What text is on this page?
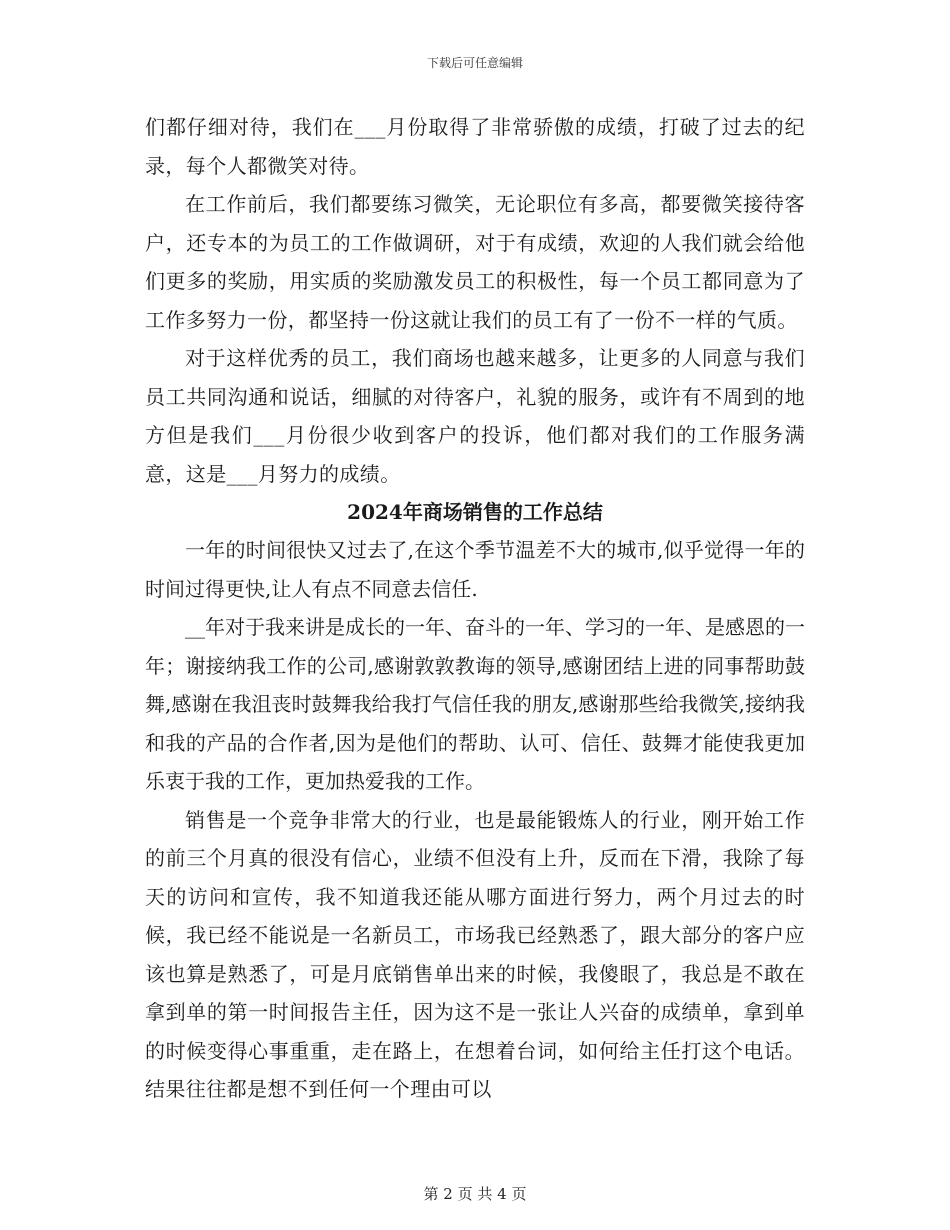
下载后可任意编辑

们都仔细对待，我们在___月份取得了非常骄傲的成绩，打破了过去的纪录，每个人都微笑对待。

在工作前后，我们都要练习微笑，无论职位有多高，都要微笑接待客户，还专本的为员工的工作做调研，对于有成绩，欢迎的人我们就会给他们更多的奖励，用实质的奖励激发员工的积极性，每一个员工都同意为了工作多努力一份，都坚持一份这就让我们的员工有了一份不一样的气质。

对于这样优秀的员工，我们商场也越来越多，让更多的人同意与我们员工共同沟通和说话，细腻的对待客户，礼貌的服务，或许有不周到的地方但是我们___月份很少收到客户的投诉，他们都对我们的工作服务满意，这是___月努力的成绩。

2024年商场销售的工作总结

一年的时间很快又过去了,在这个季节温差不大的城市,似乎觉得一年的时间过得更快,让人有点不同意去信任.

__年对于我来讲是成长的一年、奋斗的一年、学习的一年、是感恩的一年；谢接纳我工作的公司,感谢敦敦教诲的领导,感谢团结上进的同事帮助鼓舞,感谢在我沮丧时鼓舞我给我打气信任我的朋友,感谢那些给我微笑,接纳我和我的产品的合作者,因为是他们的帮助、认可、信任、鼓舞才能使我更加乐衷于我的工作，更加热爱我的工作。

销售是一个竞争非常大的行业，也是最能锻炼人的行业，刚开始工作的前三个月真的很没有信心，业绩不但没有上升，反而在下滑，我除了每天的访问和宣传，我不知道我还能从哪方面进行努力，两个月过去的时候，我已经不能说是一名新员工，市场我已经熟悉了，跟大部分的客户应该也算是熟悉了，可是月底销售单出来的时候，我傻眼了，我总是不敢在拿到单的第一时间报告主任，因为这不是一张让人兴奋的成绩单，拿到单的时候变得心事重重，走在路上，在想着台词，如何给主任打这个电话。结果往往都是想不到任何一个理由可以

第 2 页 共 4 页
